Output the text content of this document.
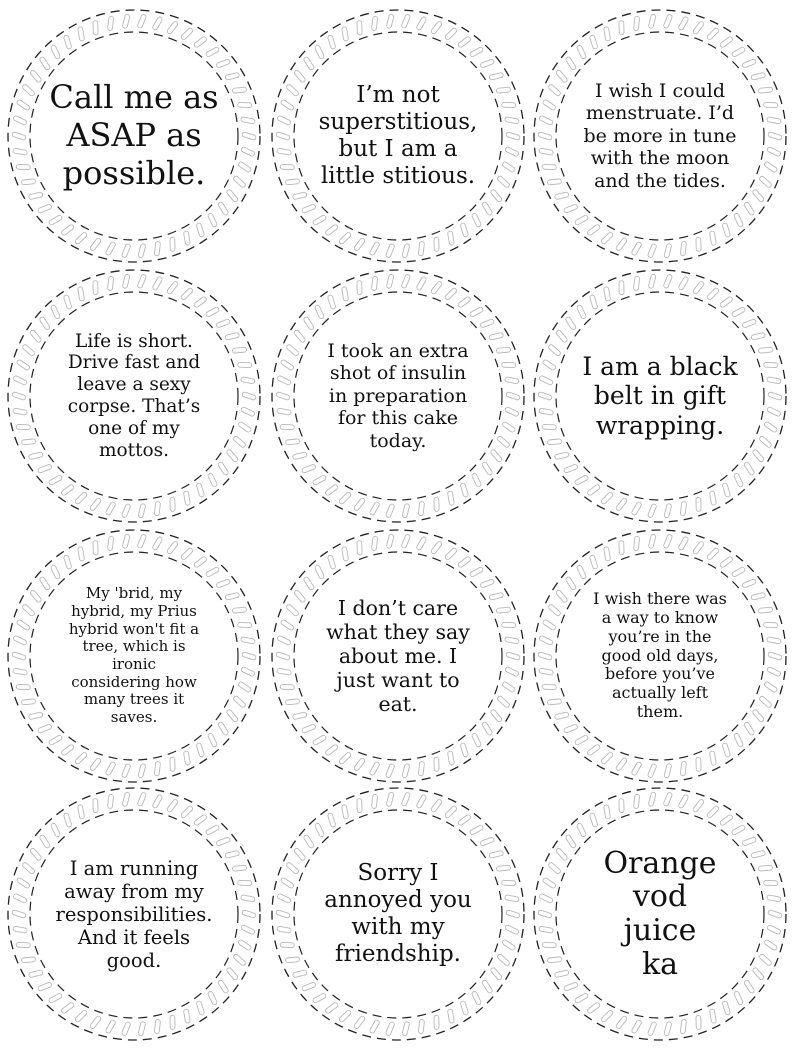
Call me as
ASAP as
possible.
I’m not
superstitious,
but I am a
little stitious.
I wish I could
menstruate. I’d
be more in tune
with the moon
and the tides.
Life is short.
Drive fast and
leave a sexy
corpse. That’s
one of my
mottos.
I took an extra
shot of insulin
in preparation
for this cake
today.
I am a black
belt in gift
wrapping.
My 'brid, my
hybrid, my Prius
hybrid won't fit a
tree, which is
ironic
considering how
many trees it
saves.
I don’t care
what they say
about me. I
just want to
eat.
I wish there was
a way to know
you’re in the
good old days,
before you’ve
actually left
them.
I am running
away from my
responsibilities.
And it feels
good.
Sorry I
annoyed you
with my
friendship.
Orange
vod
juice
ka
